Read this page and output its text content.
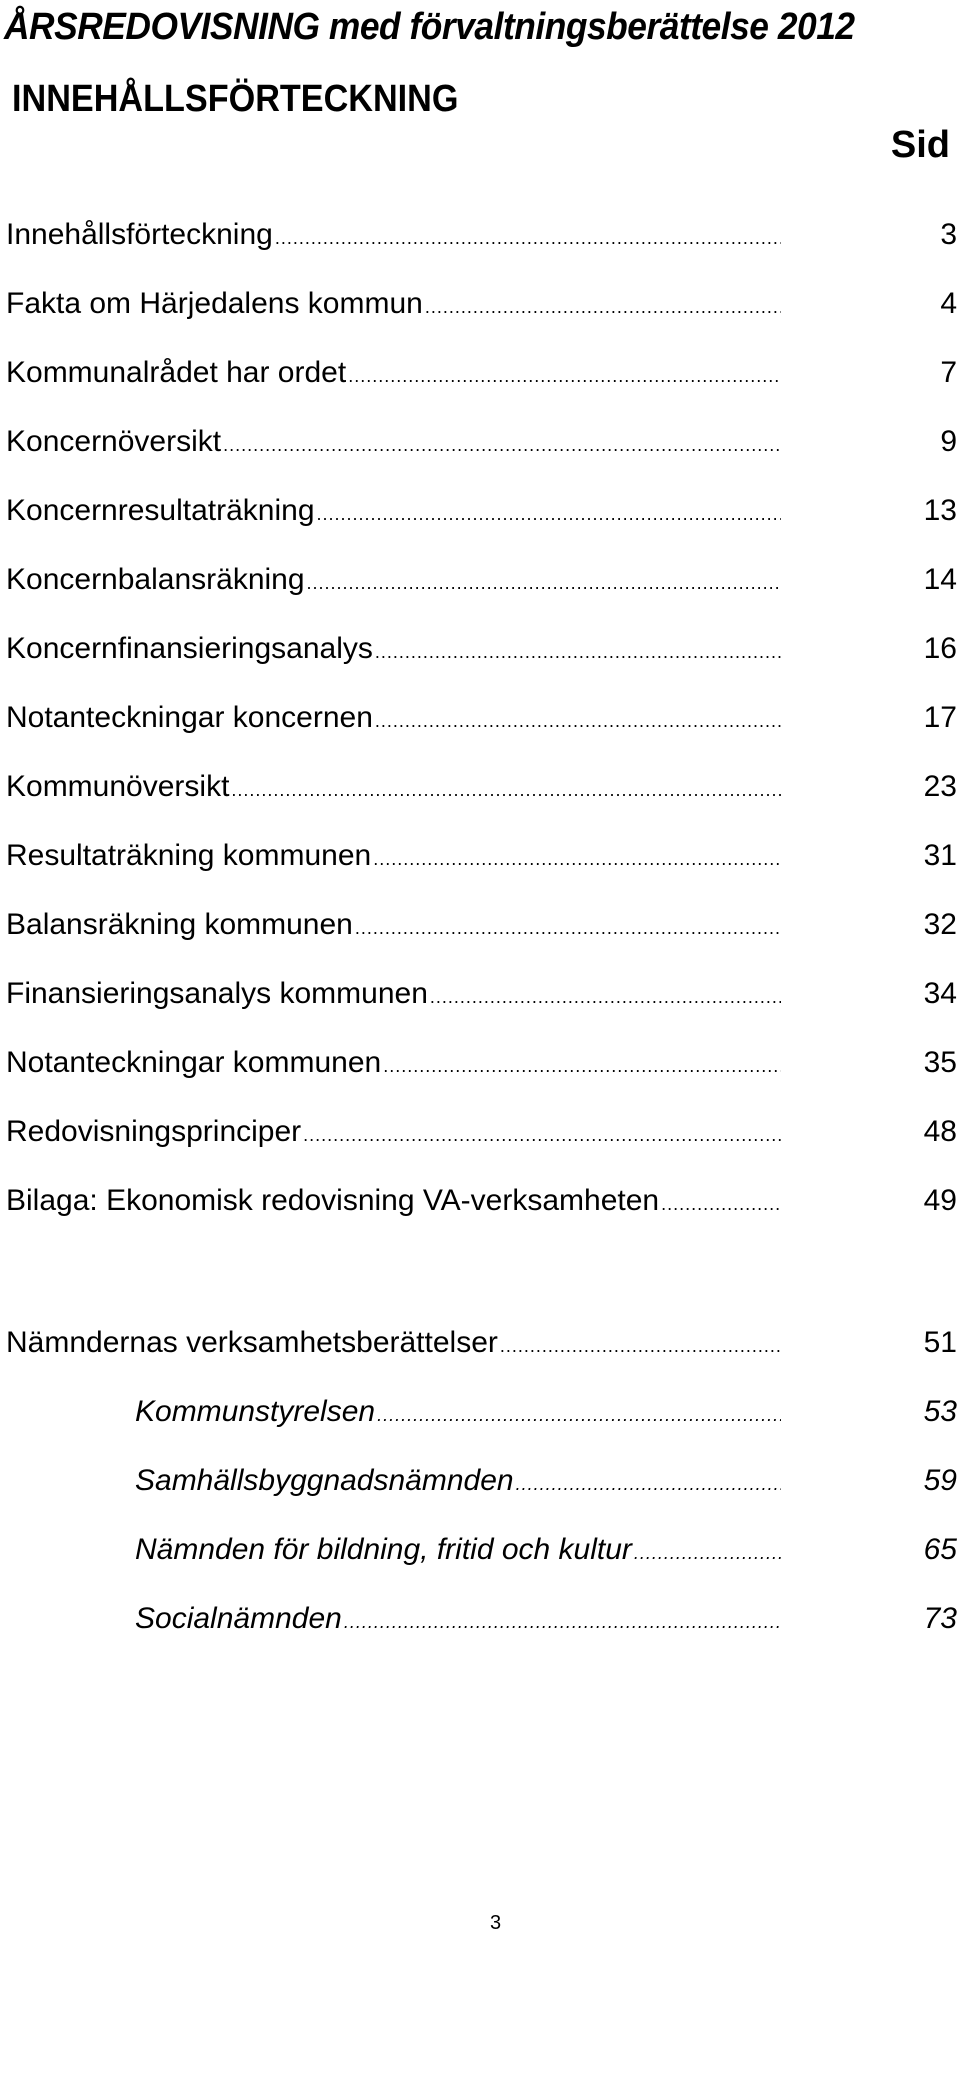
ÅRSREDOVISNING med förvaltningsberättelse 2012
INNEHÅLLSFÖRTECKNING
Sid
Innehållsförteckning .....	3
Fakta om Härjedalens kommun .....	4
Kommunalrådet har ordet .....	7
Koncernöversikt .....	9
Koncernresultaträkning .....	13
Koncernbalansräkning .....	14
Koncernfinansieringsanalys .....	16
Notanteckningar koncernen .....	17
Kommunöversikt .....	23
Resultaträkning kommunen .....	31
Balansräkning kommunen .....	32
Finansieringsanalys kommunen .....	34
Notanteckningar kommunen .....	35
Redovisningsprinciper .....	48
Bilaga: Ekonomisk redovisning VA-verksamheten .....	49
Nämndernas verksamhetsberättelser .....	51
Kommunstyrelsen .....	53
Samhällsbyggnadsnämnden .....	59
Nämnden för bildning, fritid och kultur .....	65
Socialnämnden .....	73
3
